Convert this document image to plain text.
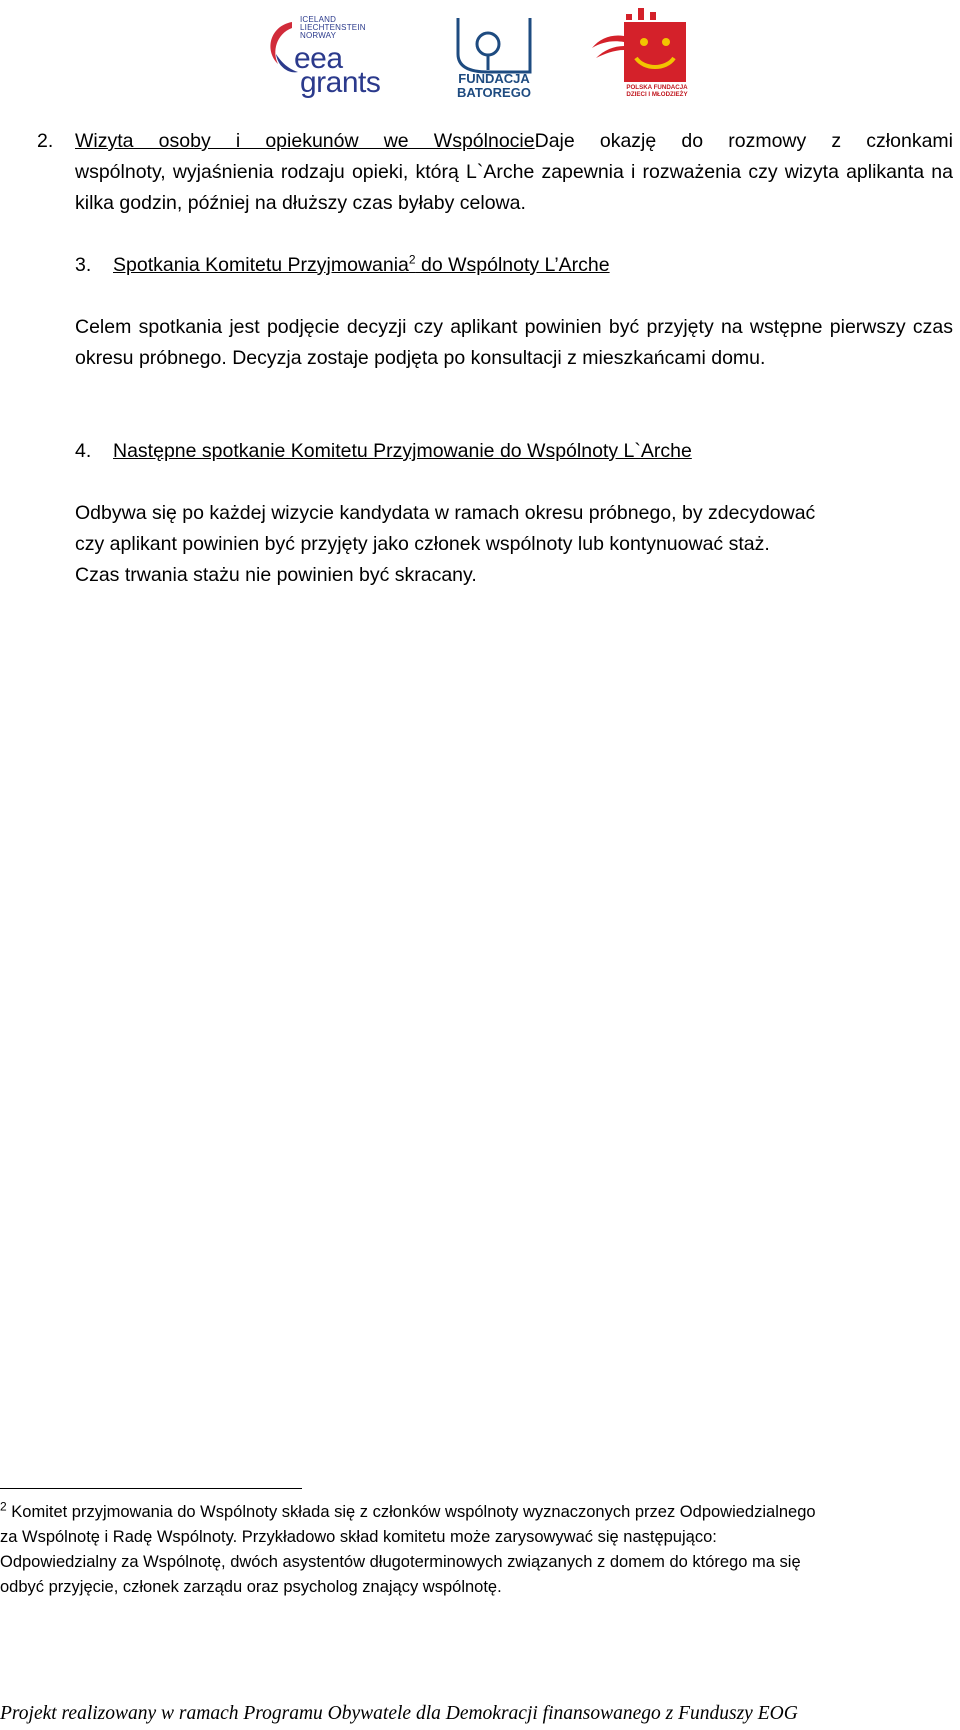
ICELAND
LIECHTENSTEIN
NORWAY
eea
grants	FUNDACJA
BATOREGO	POLSKA FUNDACJA
DZIECI I MŁODZIEŻY
2. Wizyta osoby i opiekunów we WspólnocieDaje okazję do rozmowy z członkami
wspólnoty, wyjaśnienia rodzaju opieki, którą L`Arche zapewnia i rozważenia czy wizyta aplikanta na kilka godzin, później na dłuższy czas byłaby celowa.
3. Spotkania Komitetu Przyjmowania$^2$ do Wspólnoty L’Arche
Celem spotkania jest podjęcie decyzji czy aplikant powinien być przyjęty na wstępne pierwszy czas okresu próbnego. Decyzja zostaje podjęta po konsultacji z mieszkańcami domu.
4. Następne spotkanie Komitetu Przyjmowanie do Wspólnoty L`Arche
Odbywa się po każdej wizycie kandydata w ramach okresu próbnego, by zdecydować
czy aplikant powinien być przyjęty jako członek wspólnoty lub kontynuować staż.
Czas trwania stażu nie powinien być skracany.
$^2$ Komitet przyjmowania do Wspólnoty składa się z członków wspólnoty wyznaczonych przez Odpowiedzialnego
za Wspólnotę i Radę Wspólnoty. Przykładowo skład komitetu może zarysowywać się następująco:
Odpowiedzialny za Wspólnotę, dwóch asystentów długoterminowych związanych z domem do którego ma się
odbyć przyjęcie, członek zarządu oraz psycholog znający wspólnotę.
Projekt realizowany w ramach Programu Obywatele dla Demokracji finansowanego z Funduszy EOG
